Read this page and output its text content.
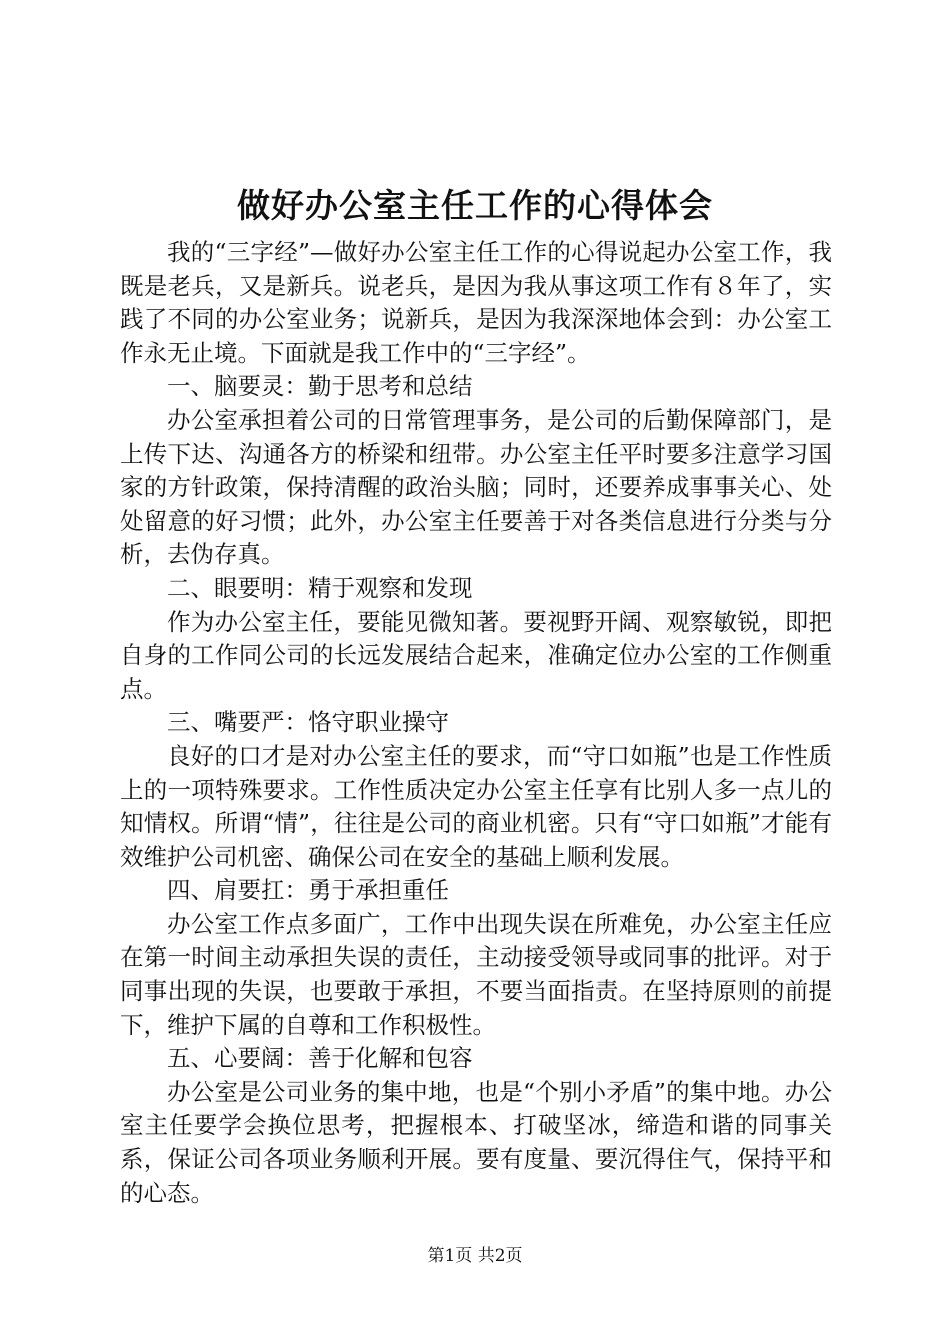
做好办公室主任工作的心得体会

我的“三字经”—做好办公室主任工作的心得说起办公室工作，我既是老兵，又是新兵。说老兵，是因为我从事这项工作有８年了，实践了不同的办公室业务；说新兵，是因为我深深地体会到：办公室工作永无止境。下面就是我工作中的“三字经”。

一、脑要灵：勤于思考和总结

办公室承担着公司的日常管理事务，是公司的后勤保障部门，是上传下达、沟通各方的桥梁和纽带。办公室主任平时要多注意学习国家的方针政策，保持清醒的政治头脑；同时，还要养成事事关心、处处留意的好习惯；此外，办公室主任要善于对各类信息进行分类与分析，去伪存真。

二、眼要明：精于观察和发现

作为办公室主任，要能见微知著。要视野开阔、观察敏锐，即把自身的工作同公司的长远发展结合起来，准确定位办公室的工作侧重点。

三、嘴要严：恪守职业操守

良好的口才是对办公室主任的要求，而“守口如瓶”也是工作性质上的一项特殊要求。工作性质决定办公室主任享有比别人多一点儿的知情权。所谓“情”，往往是公司的商业机密。只有“守口如瓶”才能有效维护公司机密、确保公司在安全的基础上顺利发展。

四、肩要扛：勇于承担重任

办公室工作点多面广，工作中出现失误在所难免，办公室主任应在第一时间主动承担失误的责任，主动接受领导或同事的批评。对于同事出现的失误，也要敢于承担，不要当面指责。在坚持原则的前提下，维护下属的自尊和工作积极性。

五、心要阔：善于化解和包容

办公室是公司业务的集中地，也是“个别小矛盾”的集中地。办公室主任要学会换位思考，把握根本、打破坚冰，缔造和谐的同事关系，保证公司各项业务顺利开展。要有度量、要沉得住气，保持平和的心态。

第1页 共2页
